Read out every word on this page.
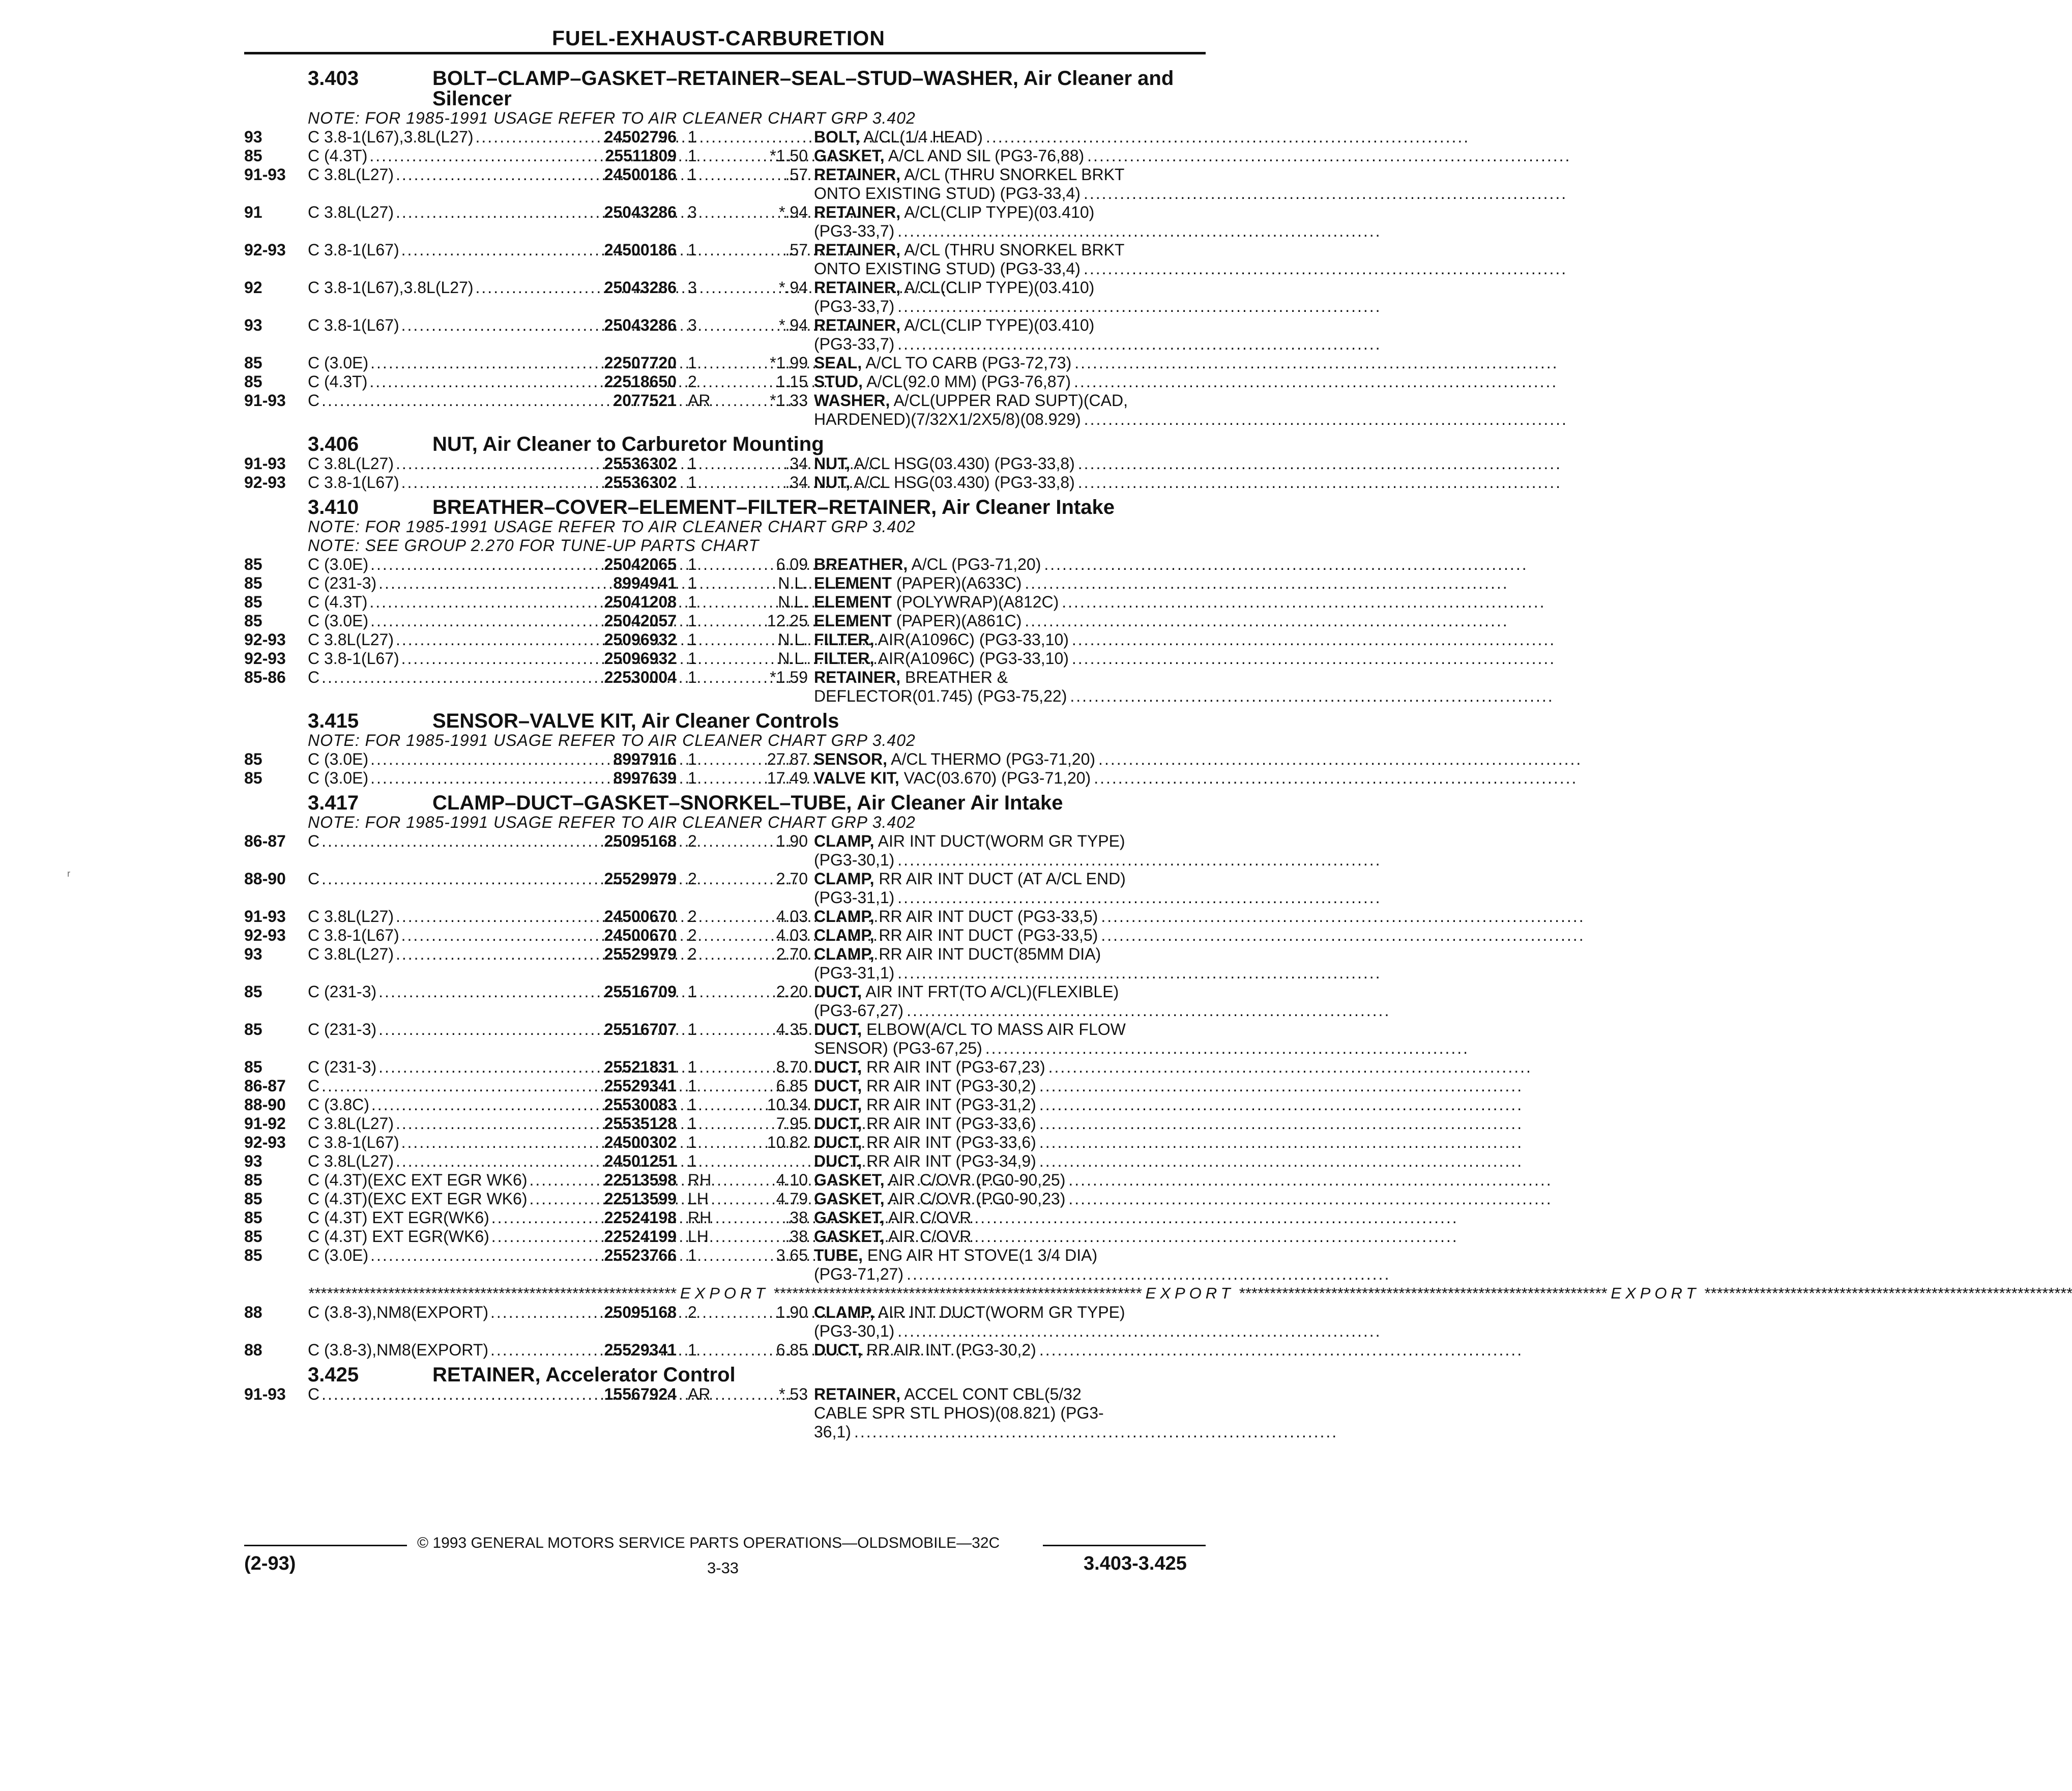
FUEL-EXHAUST-CARBURETION
3.403	BOLT–CLAMP–GASKET–RETAINER–SEAL–STUD–WASHER, Air Cleaner and Silencer
NOTE: FOR 1985-1991 USAGE REFER TO AIR CLEANER CHART GRP 3.402
93	C 3.8-1(L67),3.8L(L27) .....	24502796 1	BOLT, A/CL(1/4 HEAD)
.....
85	C (4.3T) .....	25511809 1	*1.50 GASKET, A/CL AND SIL (PG3-76,88)
.....
91-93	C 3.8L(L27) .....	24500186 1	.57 RETAINER, A/CL (THRU SNORKEL BRKT
ONTO EXISTING STUD) (PG3-33,4)
.....
91	C 3.8L(L27) .....	25043286 3	*.94 RETAINER, A/CL(CLIP TYPE)(03.410)
(PG3-33,7)
.....
92-93	C 3.8-1(L67) .....	24500186 1	.57 RETAINER, A/CL (THRU SNORKEL BRKT
ONTO EXISTING STUD) (PG3-33,4)
.....
92	C 3.8-1(L67),3.8L(L27) .....	25043286 3	*.94 RETAINER, A/CL(CLIP TYPE)(03.410)
(PG3-33,7)
.....
93	C 3.8-1(L67) .....	25043286 3	*.94 RETAINER, A/CL(CLIP TYPE)(03.410)
(PG3-33,7)
.....
85	C (3.0E) .....	22507720 1	*1.99 SEAL, A/CL TO CARB (PG3-72,73)
.....
85	C (4.3T) .....	22518650 2	1.15 STUD, A/CL(92.0 MM) (PG3-76,87)
.....
91-93	C .....	2077521 AR	*1.33 WASHER, A/CL(UPPER RAD SUPT)(CAD,
HARDENED)(7/32X1/2X5/8)(08.929)
.....
3.406	NUT, Air Cleaner to Carburetor Mounting
91-93	C 3.8L(L27) .....	25536302 1	.34 NUT, A/CL HSG(03.430) (PG3-33,8)
.....
92-93	C 3.8-1(L67) .....	25536302 1	.34 NUT, A/CL HSG(03.430) (PG3-33,8)
.....
3.410	BREATHER–COVER–ELEMENT–FILTER–RETAINER, Air Cleaner Intake
NOTE: FOR 1985-1991 USAGE REFER TO AIR CLEANER CHART GRP 3.402
NOTE: SEE GROUP 2.270 FOR TUNE-UP PARTS CHART
85	C (3.0E) .....	25042065 1	6.09 BREATHER, A/CL (PG3-71,20)
.....
85	C (231-3) .....	8994941 1	N.L. ELEMENT (PAPER)(A633C)
.....
85	C (4.3T) .....	25041208 1	N.L. ELEMENT (POLYWRAP)(A812C)
.....
85	C (3.0E) .....	25042057 1	12.25 ELEMENT (PAPER)(A861C)
.....
92-93	C 3.8L(L27) .....	25096932 1	N.L. FILTER, AIR(A1096C) (PG3-33,10)
.....
92-93	C 3.8-1(L67) .....	25096932 1	N.L. FILTER, AIR(A1096C) (PG3-33,10)
.....
85-86	C .....	22530004 1	*1.59 RETAINER, BREATHER &
DEFLECTOR(01.745) (PG3-75,22)
.....
3.415	SENSOR–VALVE KIT, Air Cleaner Controls
NOTE: FOR 1985-1991 USAGE REFER TO AIR CLEANER CHART GRP 3.402
85	C (3.0E) .....	8997916 1	27.87 SENSOR, A/CL THERMO (PG3-71,20)
.....
85	C (3.0E) .....	8997639 1	17.49 VALVE KIT, VAC(03.670) (PG3-71,20)
.....
3.417	CLAMP–DUCT–GASKET–SNORKEL–TUBE, Air Cleaner Air Intake
NOTE: FOR 1985-1991 USAGE REFER TO AIR CLEANER CHART GRP 3.402
86-87	C .....	25095168 2	1.90 CLAMP, AIR INT DUCT(WORM GR TYPE)
(PG3-30,1)
.....
88-90	C .....	25529979 2	2.70 CLAMP, RR AIR INT DUCT (AT A/CL END)
(PG3-31,1)
.....
91-93	C 3.8L(L27) .....	24500670 2	4.03 CLAMP, RR AIR INT DUCT (PG3-33,5)
.....
92-93	C 3.8-1(L67) .....	24500670 2	4.03 CLAMP, RR AIR INT DUCT (PG3-33,5)
.....
93	C 3.8L(L27) .....	25529979 2	2.70 CLAMP, RR AIR INT DUCT(85MM DIA)
(PG3-31,1)
.....
85	C (231-3) .....	25516709 1	2.20 DUCT, AIR INT FRT(TO A/CL)(FLEXIBLE)
(PG3-67,27)
.....
85	C (231-3) .....	25516707 1	4.35 DUCT, ELBOW(A/CL TO MASS AIR FLOW
SENSOR) (PG3-67,25)
.....
85	C (231-3) .....	25521831 1	8.70 DUCT, RR AIR INT (PG3-67,23)
.....
86-87	C .....	25529341 1	6.85 DUCT, RR AIR INT (PG3-30,2)
.....
88-90	C (3.8C) .....	25530083 1	10.34 DUCT, RR AIR INT (PG3-31,2)
.....
91-92	C 3.8L(L27) .....	25535128 1	7.95 DUCT, RR AIR INT (PG3-33,6)
.....
92-93	C 3.8-1(L67) .....	24500302 1	10.82 DUCT, RR AIR INT (PG3-33,6)
.....
93	C 3.8L(L27) .....	24501251 1	DUCT, RR AIR INT (PG3-34,9)
.....
85	C (4.3T)(EXC EXT EGR WK6) .....	22513598 RH	4.10 GASKET, AIR C/OVR (PG0-90,25)
.....
85	C (4.3T)(EXC EXT EGR WK6) .....	22513599 LH	4.79 GASKET, AIR C/OVR (PG0-90,23)
.....
85	C (4.3T) EXT EGR(WK6) .....	22524198 RH	.38 GASKET, AIR C/OVR
.....
85	C (4.3T) EXT EGR(WK6) .....	22524199 LH	.38 GASKET, AIR C/OVR
.....
85	C (3.0E) .....	25523766 1	3.65 TUBE, ENG AIR HT STOVE(1 3/4 DIA)
(PG3-71,27)
.....
************************************************************ EXPORT ************************************************************ EXPORT ************************************************************ EXPORT ************************************************************
88	C (3.8-3),NM8(EXPORT) .....	25095168 2	1.90 CLAMP, AIR INT DUCT(WORM GR TYPE)
(PG3-30,1)
.....
88	C (3.8-3),NM8(EXPORT) .....	25529341 1	6.85 DUCT, RR AIR INT (PG3-30,2)
.....
3.425	RETAINER, Accelerator Control
91-93	C .....	15567924 AR	*.53 RETAINER, ACCEL CONT CBL(5/32
CABLE SPR STL PHOS)(08.821) (PG3-
36,1)
.....
© 1993 GENERAL MOTORS SERVICE PARTS OPERATIONS—OLDSMOBILE—32C
(2-93)	3-33	3.403-3.425
ʳ
